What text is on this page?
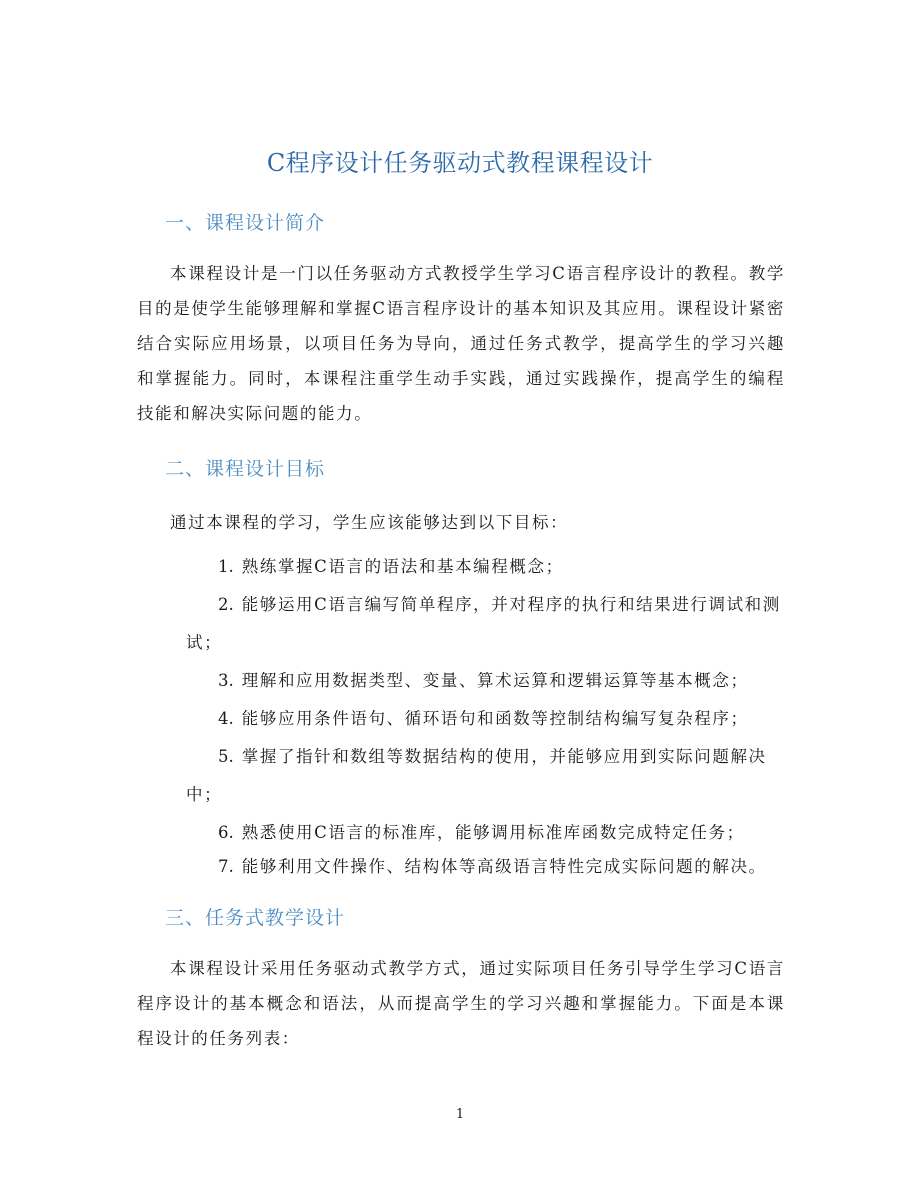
C程序设计任务驱动式教程课程设计
一、课程设计简介
本课程设计是一门以任务驱动方式教授学生学习C语言程序设计的教程。教学目的是使学生能够理解和掌握C语言程序设计的基本知识及其应用。课程设计紧密结合实际应用场景，以项目任务为导向，通过任务式教学，提高学生的学习兴趣和掌握能力。同时，本课程注重学生动手实践，通过实践操作，提高学生的编程技能和解决实际问题的能力。
二、课程设计目标
通过本课程的学习，学生应该能够达到以下目标：
1. 熟练掌握C语言的语法和基本编程概念；
2. 能够运用C语言编写简单程序，并对程序的执行和结果进行调试和测试；
3. 理解和应用数据类型、变量、算术运算和逻辑运算等基本概念；
4. 能够应用条件语句、循环语句和函数等控制结构编写复杂程序；
5. 掌握了指针和数组等数据结构的使用，并能够应用到实际问题解决中；
6. 熟悉使用C语言的标准库，能够调用标准库函数完成特定任务；
7. 能够利用文件操作、结构体等高级语言特性完成实际问题的解决。
三、任务式教学设计
本课程设计采用任务驱动式教学方式，通过实际项目任务引导学生学习C语言程序设计的基本概念和语法，从而提高学生的学习兴趣和掌握能力。下面是本课程设计的任务列表：
1
